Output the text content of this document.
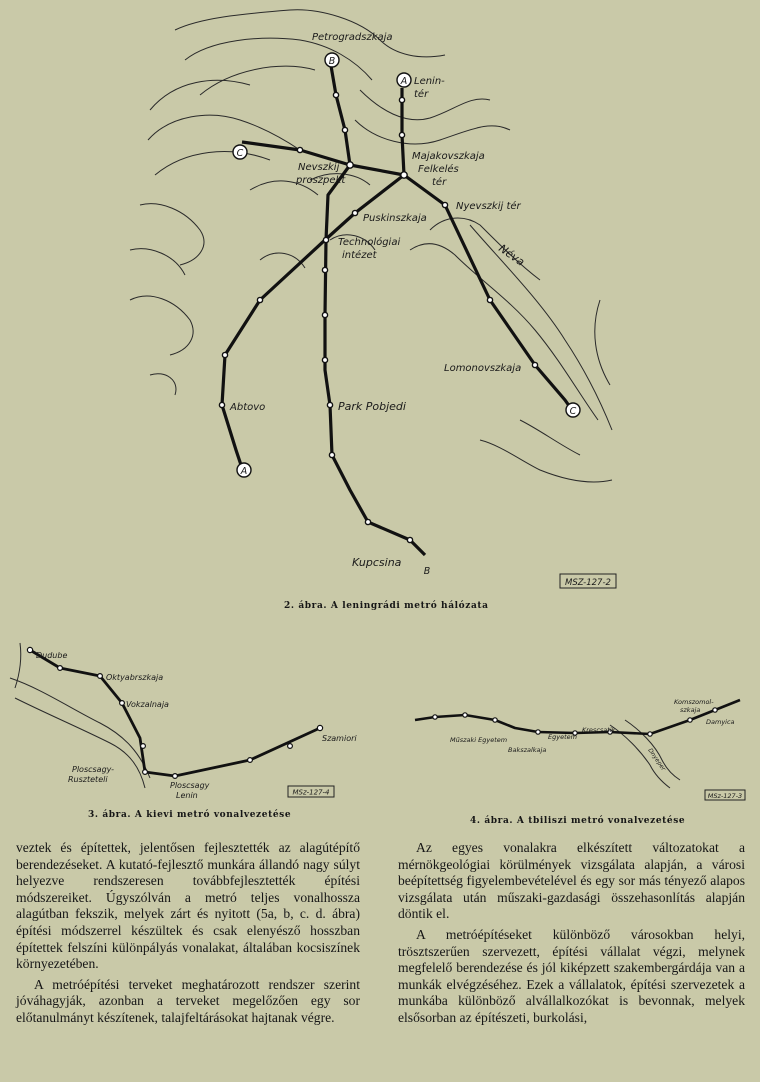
B
A
C
A
C
B
Petrogradszkaja
Lenin-
tér
Majakovszkaja
Felkelés
tér
Nevszkij
proszpekt
Nyevszkij tér
Puskinszkaja
Technológiai
intézet	Néva
Lomonovszkaja
Abtovo	Park Pobjedi
Kupcsina
MSZ-127-2
2. ábra. A leningrádi metró hálózata
Dudube
Oktyabrszkaja
Vokzalnaja
Ploscsagy-
Ruszteteli
Ploscsagy
Lenin
Szamiori
MSz-127-4
3. ábra. A kievi metró vonalvezetése
Műszaki Egyetem
Bakszalkaja
Egyetem
Krescsatik
Komszomol-
szkaja
Damyica
Dnyeper
MSz-127-3
4. ábra. A tbiliszi metró vonalvezetése

veztek és építettek, jelentősen fejlesztették az alagútépítő berendezéseket. A kutató-fejlesztő munkára állandó nagy súlyt helyezve rendszeresen továbbfejlesztették építési módszereiket. Úgyszólván a metró teljes vonalhossza alagútban fekszik, melyek zárt és nyitott (5a, b, c. d. ábra) építési módszerrel készültek és csak elenyésző hosszban építettek felszíni különpályás vonalakat, általában kocsiszínek környezetében.

A metróépítési terveket meghatározott rendszer szerint jóváhagyják, azonban a terveket megelőzően egy sor előtanulmányt készítenek, talajfeltárásokat hajtanak végre.

Az egyes vonalakra elkészített változatokat a mérnökgeológiai körülmények vizsgálata alapján, a városi beépítettség figyelembevételével és egy sor más tényező alapos vizsgálata után műszaki-gazdasági összehasonlítás alapján döntik el.

A metróépítéseket különböző városokban helyi, trösztszerűen szervezett, építési vállalat végzi, melynek megfelelő berendezése és jól kiképzett szakembergárdája van a munkák elvégzéséhez. Ezek a vállalatok, építési szervezetek a munkába különböző alvállalkozókat is bevonnak, melyek elsősorban az építészeti, burkolási,
